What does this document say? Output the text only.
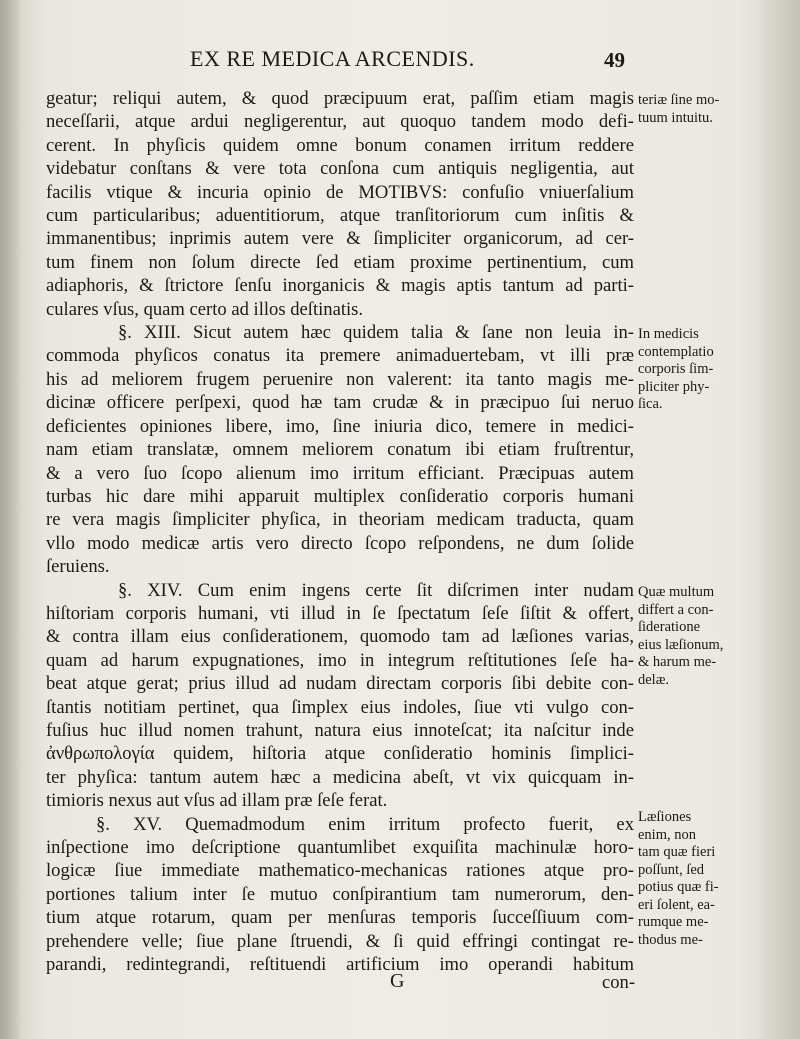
EX RE MEDICA ARCENDIS.	49
geatur; reliqui autem, & quod præcipuum erat, paſſim etiam magis
neceſſarii, atque ardui negligerentur, aut quoquo tandem modo defi-
cerent. In phyſicis quidem omne bonum conamen irritum reddere
videbatur conſtans & vere tota conſona cum antiquis negligentia, aut
facilis vtique & incuria opinio de MOTIBVS: confuſio vniuerſalium
cum particularibus; aduentitiorum, atque tranſitoriorum cum inſitis &
immanentibus; inprimis autem vere & ſimpliciter organicorum, ad cer-
tum finem non ſolum directe ſed etiam proxime pertinentium, cum
adiaphoris, & ſtrictore ſenſu inorganicis & magis aptis tantum ad parti-
culares vſus, quam certo ad illos deſtinatis.
§. XIII. Sicut autem hæc quidem talia & ſane non leuia in-
commoda phyſicos conatus ita premere animaduertebam, vt illi præ
his ad meliorem frugem peruenire non valerent: ita tanto magis me-
dicinæ officere perſpexi, quod hæ tam crudæ & in præcipuo ſui neruo
deficientes opiniones libere, imo, ſine iniuria dico, temere in medici-
nam etiam translatæ, omnem meliorem conatum ibi etiam fruſtrentur,
& a vero ſuo ſcopo alienum imo irritum efficiant. Præcipuas autem
turbas hic dare mihi apparuit multiplex conſideratio corporis humani
re vera magis ſimpliciter phyſica, in theoriam medicam traducta, quam
vllo modo medicæ artis vero directo ſcopo reſpondens, ne dum ſolide
ſeruiens.
§. XIV. Cum enim ingens certe ſit diſcrimen inter nudam
hiſtoriam corporis humani, vti illud in ſe ſpectatum ſeſe ſiſtit & offert,
& contra illam eius conſiderationem, quomodo tam ad læſiones varias,
quam ad harum expugnationes, imo in integrum reſtitutiones ſeſe ha-
beat atque gerat; prius illud ad nudam directam corporis ſibi debite con-
ſtantis notitiam pertinet, qua ſimplex eius indoles, ſiue vti vulgo con-
fuſius huc illud nomen trahunt, natura eius innoteſcat; ita naſcitur inde
ἀνθρωπολογία quidem, hiſtoria atque conſideratio hominis ſimplici-
ter phyſica: tantum autem hæc a medicina abeſt, vt vix quicquam in-
timioris nexus aut vſus ad illam præ ſeſe ferat.
§. XV. Quemadmodum enim irritum profecto fuerit, ex
inſpectione imo deſcriptione quantumlibet exquiſita machinulæ horo-
logicæ ſiue immediate mathematico-mechanicas rationes atque pro-
portiones talium inter ſe mutuo conſpirantium tam numerorum, den-
tium atque rotarum, quam per menſuras temporis ſucceſſiuum com-
prehendere velle; ſiue plane ſtruendi, & ſi quid effringi contingat re-
parandi, redintegrandi, reſtituendi artificium imo operandi habitum
teriæ ſine mo-
tuum intuitu.
In medicis
contemplatio
corporis ſim-
pliciter phy-
ſica.
Quæ multum
differt a con-
ſideratione
eius læſionum,
& harum me-
delæ.
Læſiones
enim, non
tam quæ fieri
poſſunt, ſed
potius quæ fi-
eri ſolent, ea-
rumque me-
thodus me-
G	con-
